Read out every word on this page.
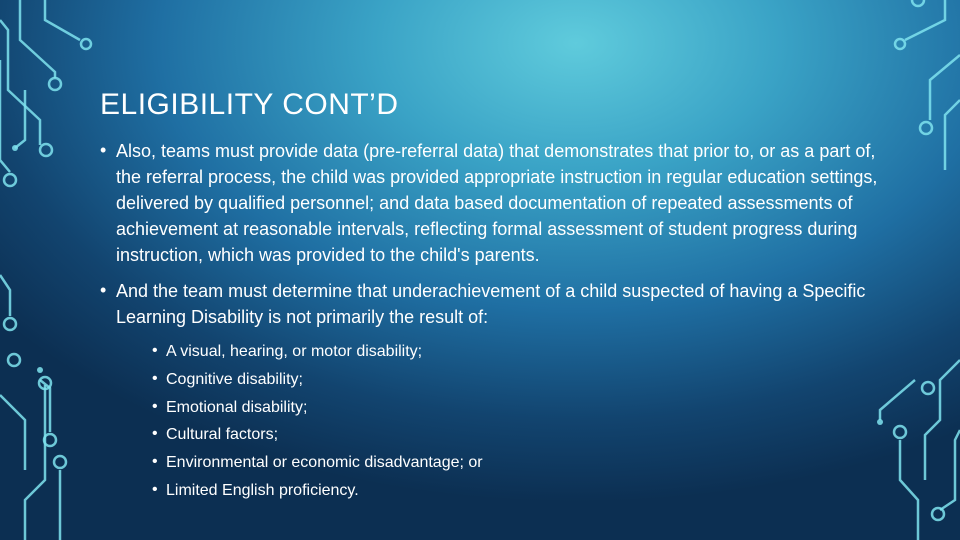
ELIGIBILITY CONT’D
• Also, teams must provide data (pre-referral data) that demonstrates that prior to, or as a part of, the referral process, the child was provided appropriate instruction in regular education settings, delivered by qualified personnel; and data based documentation of repeated assessments of achievement at reasonable intervals, reflecting formal assessment of student progress during instruction, which was provided to the child's parents.
• And the team must determine that underachievement of a child suspected of having a Specific Learning Disability is not primarily the result of:
• A visual, hearing, or motor disability;
• Cognitive disability;
• Emotional disability;
• Cultural factors;
• Environmental or economic disadvantage; or
• Limited English proficiency.
